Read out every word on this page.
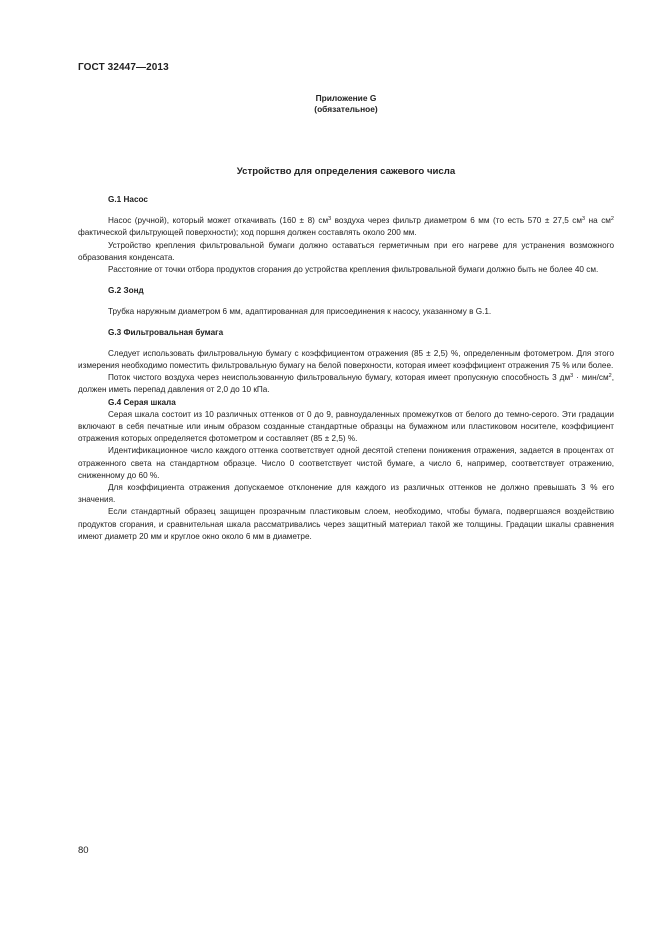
ГОСТ 32447—2013
Приложение G
(обязательное)
Устройство для определения сажевого числа

G.1 Насос

Насос (ручной), который может откачивать (160 ± 8) $см^3$ воздуха через фильтр диаметром 6 мм (то есть 570 ± 27,5 $см^3$ на $см^2$ фактической фильтрующей поверхности); ход поршня должен составлять около 200 мм.

Устройство крепления фильтровальной бумаги должно оставаться герметичным при его нагреве для устранения возможного образования конденсата.

Расстояние от точки отбора продуктов сгорания до устройства крепления фильтровальной бумаги должно быть не более 40 см.

G.2 Зонд

Трубка наружным диаметром 6 мм, адаптированная для присоединения к насосу, указанному в G.1.

G.3 Фильтровальная бумага

Следует использовать фильтровальную бумагу с коэффициентом отражения (85 ± 2,5) %, определенным фотометром. Для этого измерения необходимо поместить фильтровальную бумагу на белой поверхности, которая имеет коэффициент отражения 75 % или более.

Поток чистого воздуха через неиспользованную фильтровальную бумагу, которая имеет пропускную способность 3 $дм^3 \cdot мин/см^2$, должен иметь перепад давления от 2,0 до 10 кПа.

G.4 Серая шкала

Серая шкала состоит из 10 различных оттенков от 0 до 9, равноудаленных промежутков от белого до темно-серого. Эти градации включают в себя печатные или иным образом созданные стандартные образцы на бумажном или пластиковом носителе, коэффициент отражения которых определяется фотометром и составляет (85 ± 2,5) %.

Идентификационное число каждого оттенка соответствует одной десятой степени понижения отражения, задается в процентах от отраженного света на стандартном образце. Число 0 соответствует чистой бумаге, а число 6, например, соответствует отражению, сниженному до 60 %.

Для коэффициента отражения допускаемое отклонение для каждого из различных оттенков не должно превышать 3 % его значения.

Если стандартный образец защищен прозрачным пластиковым слоем, необходимо, чтобы бумага, подвергшаяся воздействию продуктов сгорания, и сравнительная шкала рассматривались через защитный материал такой же толщины. Градации шкалы сравнения имеют диаметр 20 мм и круглое окно около 6 мм в диаметре.

80
